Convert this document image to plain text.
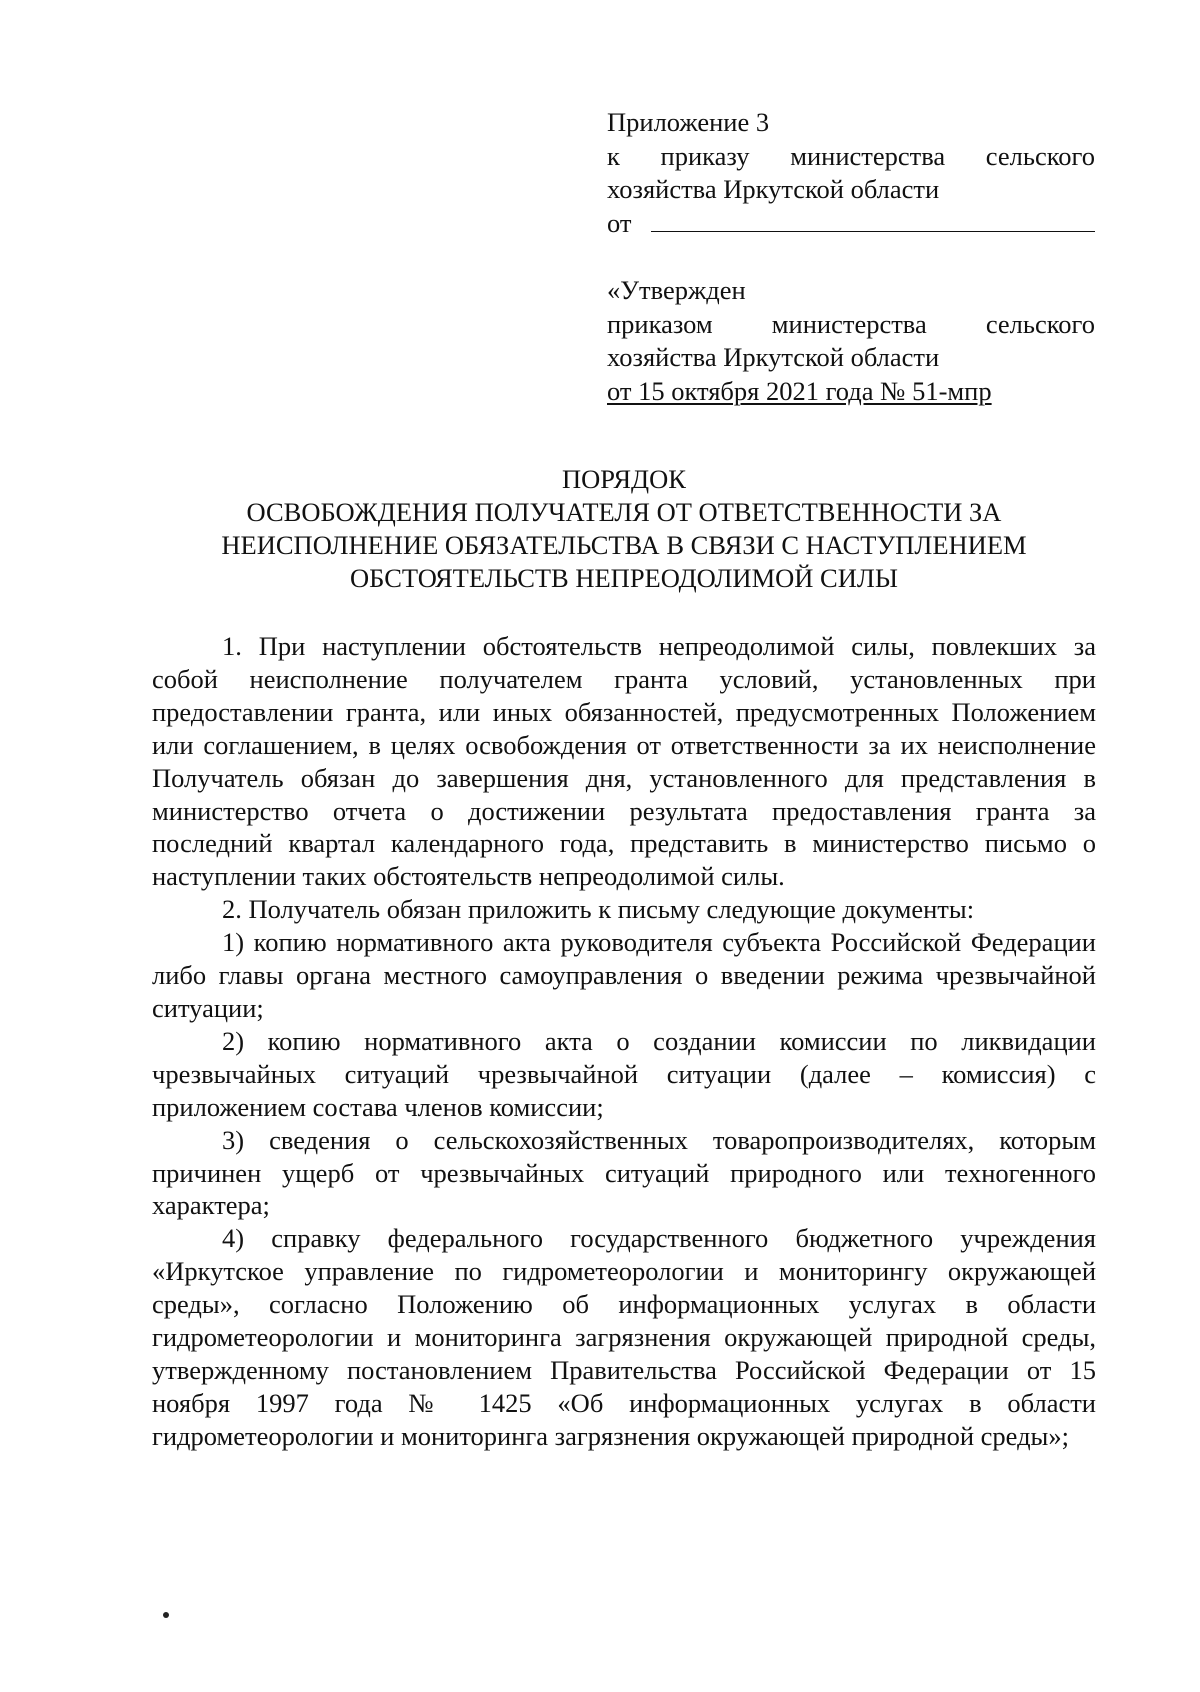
Приложение 3
к приказу министерства сельского
хозяйства Иркутской области
от
«Утвержден
приказом министерства сельского
хозяйства Иркутской области
от 15 октября 2021 года № 51-мпр
ПОРЯДОК
ОСВОБОЖДЕНИЯ ПОЛУЧАТЕЛЯ ОТ ОТВЕТСТВЕННОСТИ ЗА
НЕИСПОЛНЕНИЕ ОБЯЗАТЕЛЬСТВА В СВЯЗИ С НАСТУПЛЕНИЕМ
ОБСТОЯТЕЛЬСТВ НЕПРЕОДОЛИМОЙ СИЛЫ

1. При наступлении обстоятельств непреодолимой силы, повлекших за собой неисполнение получателем гранта условий, установленных при предоставлении гранта, или иных обязанностей, предусмотренных Положением или соглашением, в целях освобождения от ответственности за их неисполнение Получатель обязан до завершения дня, установленного для представления в министерство отчета о достижении результата предоставления гранта за последний квартал календарного года, представить в министерство письмо о наступлении таких обстоятельств непреодолимой силы.

2. Получатель обязан приложить к письму следующие документы:

1) копию нормативного акта руководителя субъекта Российской Федерации либо главы органа местного самоуправления о введении режима чрезвычайной ситуации;

2) копию нормативного акта о создании комиссии по ликвидации чрезвычайных ситуаций чрезвычайной ситуации (далее – комиссия) с приложением состава членов комиссии;

3) сведения о сельскохозяйственных товаропроизводителях, которым причинен ущерб от чрезвычайных ситуаций природного или техногенного характера;

4) справку федерального государственного бюджетного учреждения «Иркутское управление по гидрометеорологии и мониторингу окружающей среды», согласно Положению об информационных услугах в области гидрометеорологии и мониторинга загрязнения окружающей природной среды, утвержденному постановлением Правительства Российской Федерации от 15 ноября 1997 года № 1425 «Об информационных услугах в области гидрометеорологии и мониторинга загрязнения окружающей природной среды»;
